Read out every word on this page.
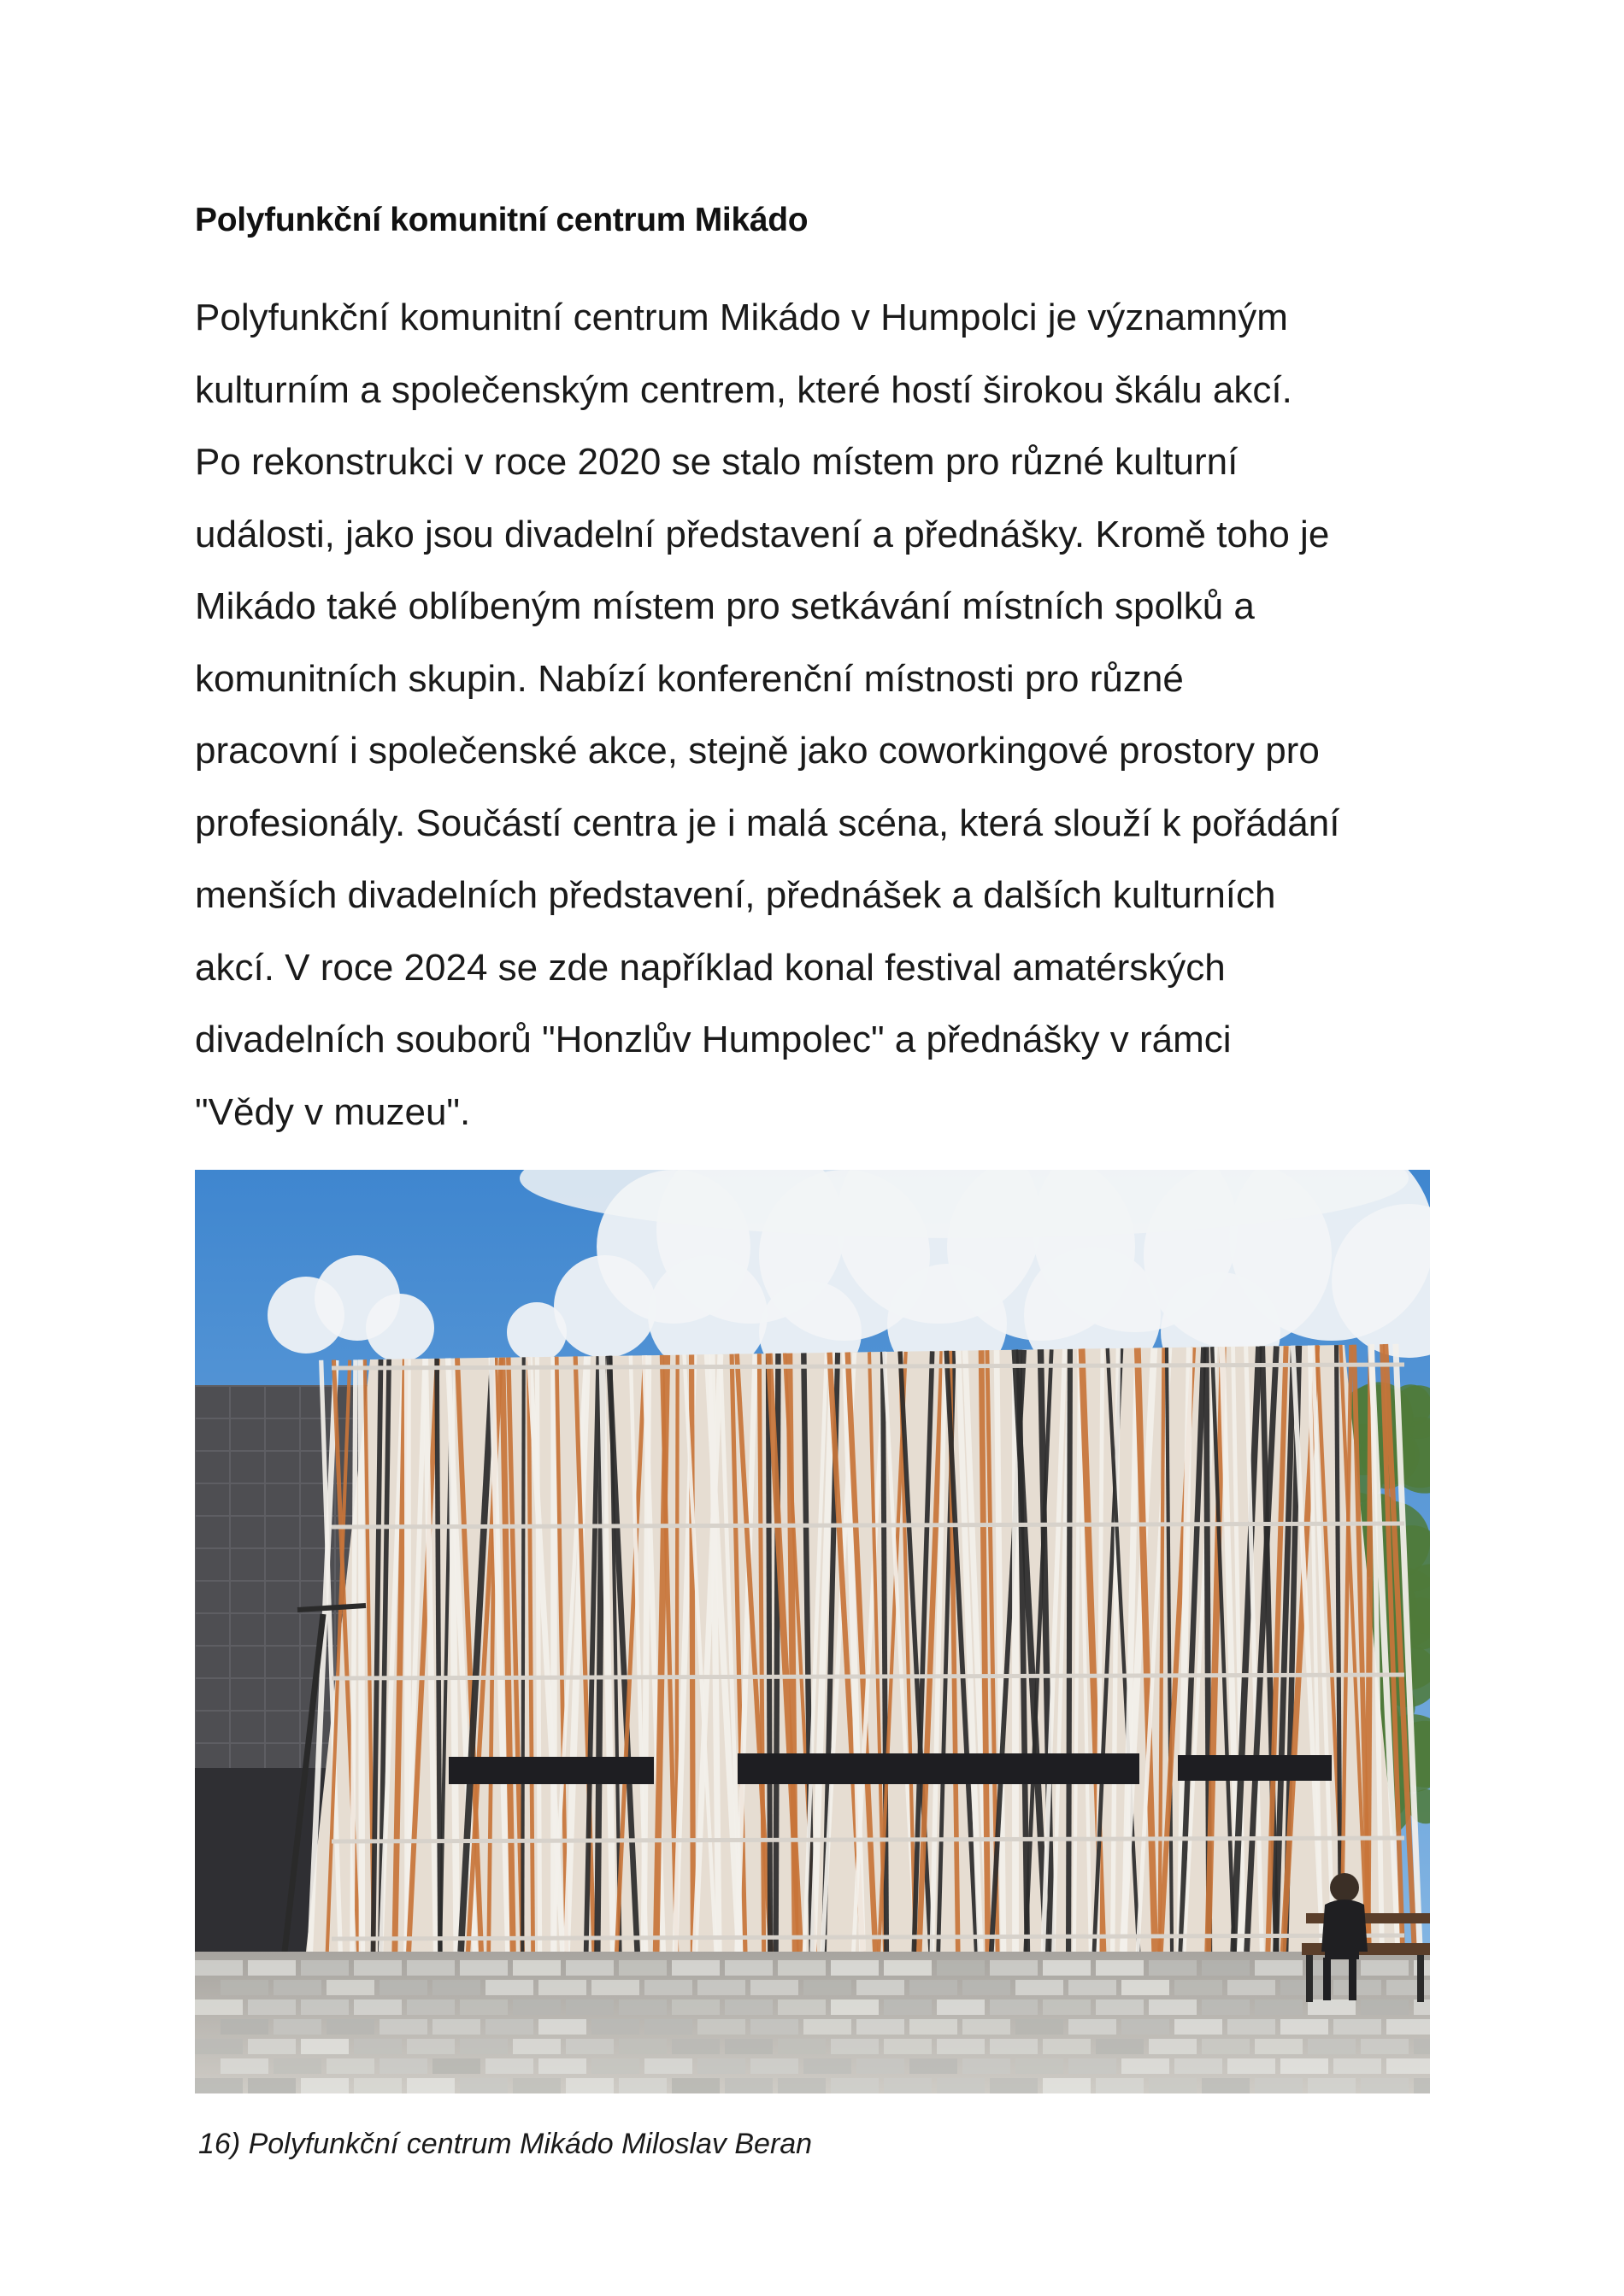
Polyfunkční komunitní centrum Mikádo
Polyfunkční komunitní centrum Mikádo v Humpolci je významným
kulturním a společenským centrem, které hostí širokou škálu akcí.
Po rekonstrukci v roce 2020 se stalo místem pro různé kulturní
události, jako jsou divadelní představení a přednášky. Kromě toho je
Mikádo také oblíbeným místem pro setkávání místních spolků a
komunitních skupin. Nabízí konferenční místnosti pro různé
pracovní i společenské akce, stejně jako coworkingové prostory pro
profesionály. Součástí centra je i malá scéna, která slouží k pořádání
menších divadelních představení, přednášek a dalších kulturních
akcí. V roce 2024 se zde například konal festival amatérských
divadelních souborů "Honzlův Humpolec" a přednášky v rámci
"Vědy v muzeu".
16) Polyfunkční centrum Mikádo Miloslav Beran
